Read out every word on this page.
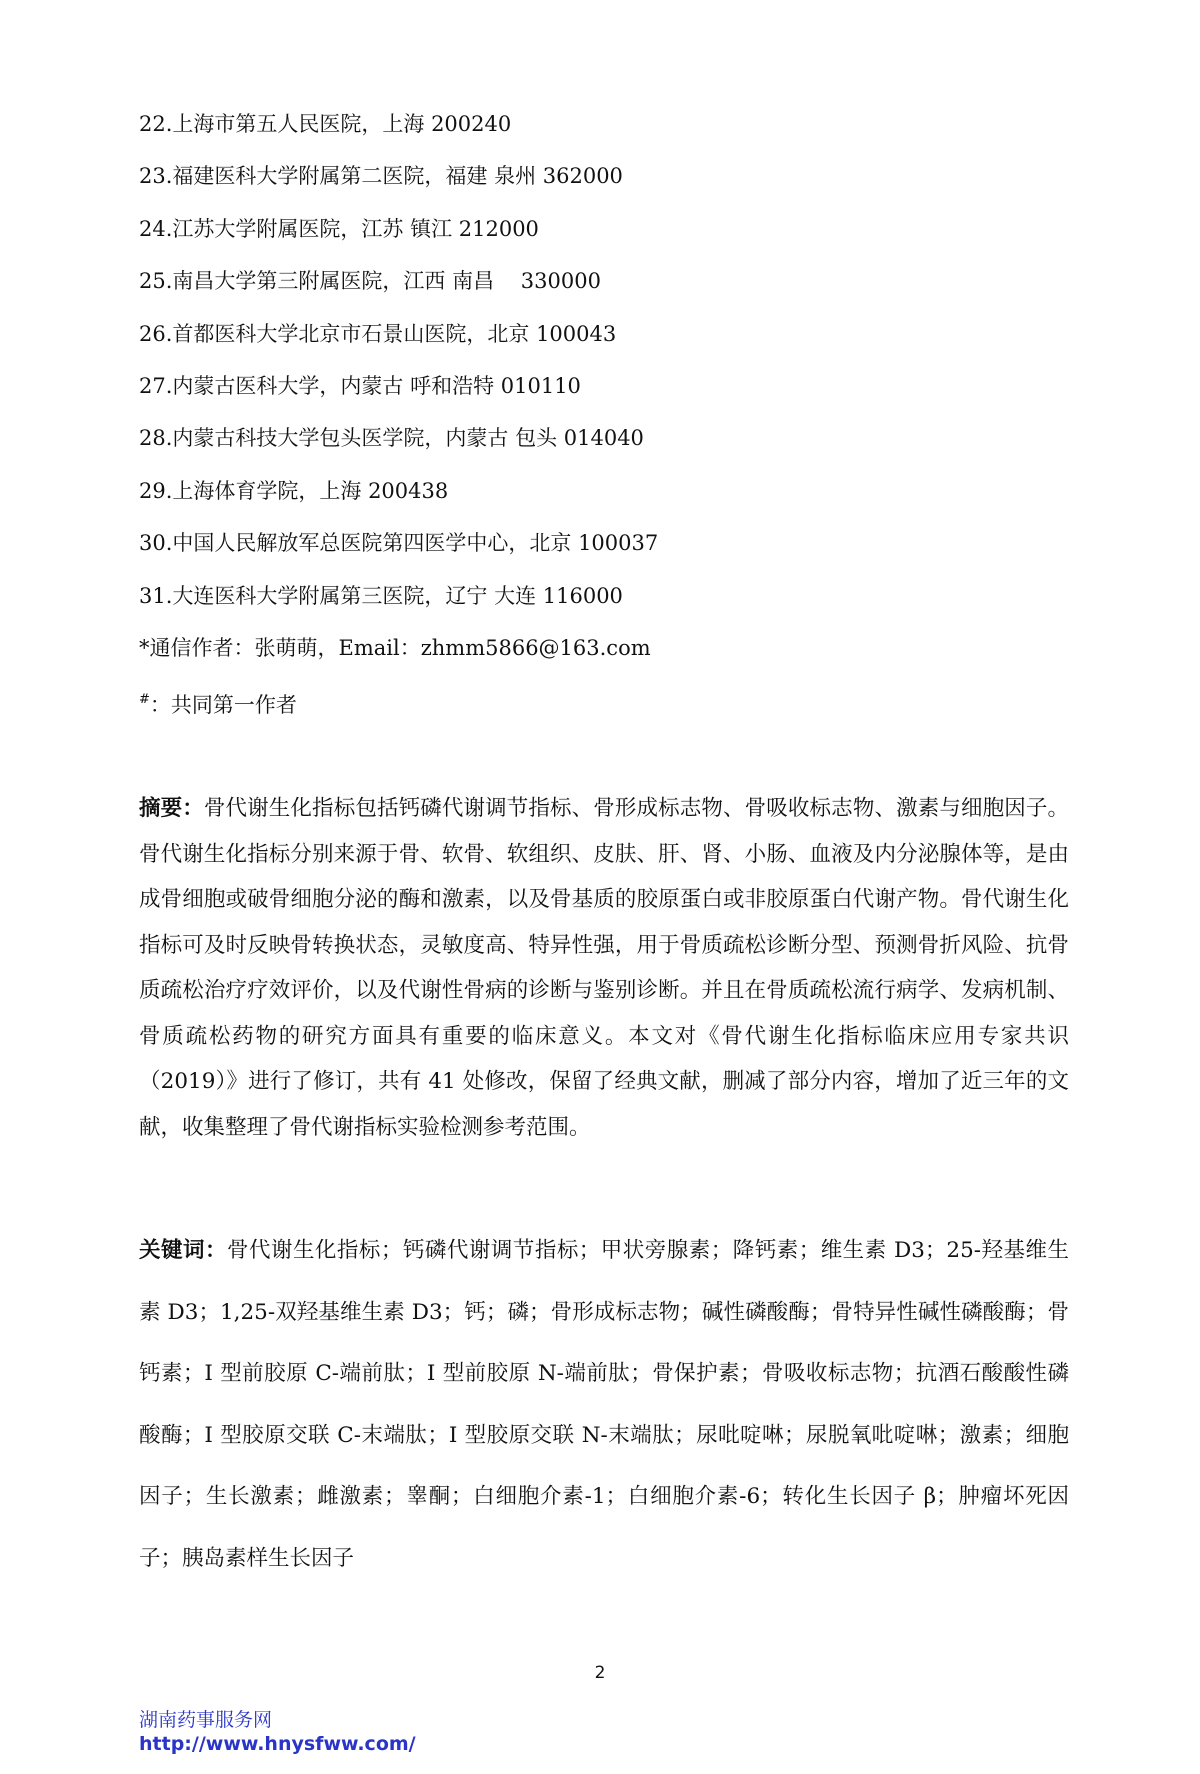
22.上海市第五人民医院，上海 200240
23.福建医科大学附属第二医院，福建 泉州 362000
24.江苏大学附属医院，江苏 镇江 212000
25.南昌大学第三附属医院，江西 南昌    330000
26.首都医科大学北京市石景山医院，北京 100043
27.内蒙古医科大学，内蒙古 呼和浩特 010110
28.内蒙古科技大学包头医学院，内蒙古 包头 014040
29.上海体育学院，上海 200438
30.中国人民解放军总医院第四医学中心，北京 100037
31.大连医科大学附属第三医院，辽宁 大连 116000
*通信作者：张萌萌，Email：zhmm5866@163.com
#：共同第一作者

摘要：骨代谢生化指标包括钙磷代谢调节指标、骨形成标志物、骨吸收标志物、激素与细胞因子。骨代谢生化指标分别来源于骨、软骨、软组织、皮肤、肝、肾、小肠、血液及内分泌腺体等，是由成骨细胞或破骨细胞分泌的酶和激素，以及骨基质的胶原蛋白或非胶原蛋白代谢产物。骨代谢生化指标可及时反映骨转换状态，灵敏度高、特异性强，用于骨质疏松诊断分型、预测骨折风险、抗骨质疏松治疗疗效评价，以及代谢性骨病的诊断与鉴别诊断。并且在骨质疏松流行病学、发病机制、骨质疏松药物的研究方面具有重要的临床意义。本文对《骨代谢生化指标临床应用专家共识（2019）》进行了修订，共有 41 处修改，保留了经典文献，删减了部分内容，增加了近三年的文献，收集整理了骨代谢指标实验检测参考范围。

关键词：骨代谢生化指标；钙磷代谢调节指标；甲状旁腺素；降钙素；维生素 D3；25-羟基维生素 D3；1,25-双羟基维生素 D3；钙；磷；骨形成标志物；碱性磷酸酶；骨特异性碱性磷酸酶；骨钙素；I 型前胶原 C-端前肽；I 型前胶原 N-端前肽；骨保护素；骨吸收标志物；抗酒石酸酸性磷酸酶；I 型胶原交联 C-末端肽；I 型胶原交联 N-末端肽；尿吡啶啉；尿脱氧吡啶啉；激素；细胞因子；生长激素；雌激素；睾酮；白细胞介素-1；白细胞介素-6；转化生长因子 β；肿瘤坏死因子；胰岛素样生长因子

2
湖南药事服务网
http://www.hnysfww.com/
